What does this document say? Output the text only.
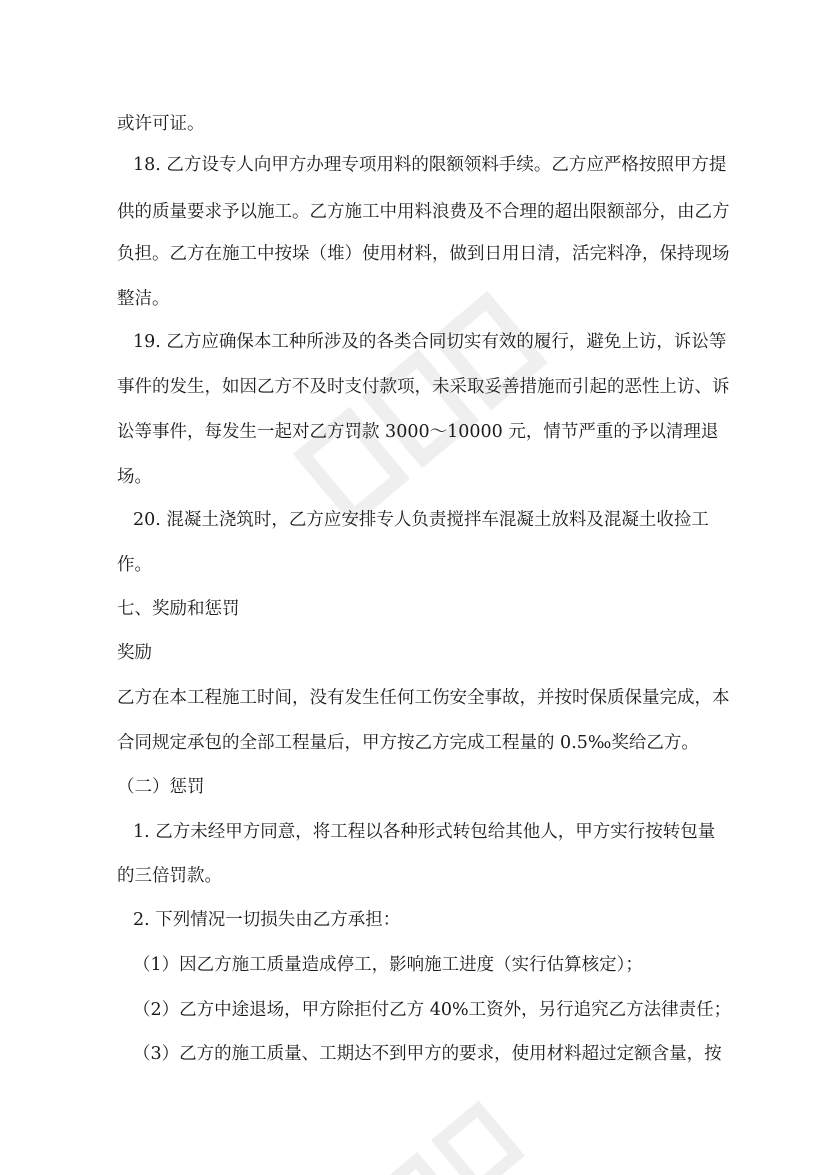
或许可证。
18. 乙方设专人向甲方办理专项用料的限额领料手续。乙方应严格按照甲方提
供的质量要求予以施工。乙方施工中用料浪费及不合理的超出限额部分，由乙方
负担。乙方在施工中按垛（堆）使用材料，做到日用日清，活完料净，保持现场
整洁。
19. 乙方应确保本工种所涉及的各类合同切实有效的履行，避免上访，诉讼等
事件的发生，如因乙方不及时支付款项，未采取妥善措施而引起的恶性上访、诉
讼等事件，每发生一起对乙方罚款 3000～10000 元，情节严重的予以清理退
场。
20. 混凝土浇筑时，乙方应安排专人负责搅拌车混凝土放料及混凝土收捡工
作。
七、奖励和惩罚
奖励
乙方在本工程施工时间，没有发生任何工伤安全事故，并按时保质保量完成，本
合同规定承包的全部工程量后，甲方按乙方完成工程量的 0.5‰奖给乙方。
（二）惩罚
1. 乙方未经甲方同意，将工程以各种形式转包给其他人，甲方实行按转包量
的三倍罚款。
2. 下列情况一切损失由乙方承担：
（1）因乙方施工质量造成停工，影响施工进度（实行估算核定）；
（2）乙方中途退场，甲方除拒付乙方 40%工资外，另行追究乙方法律责任；
（3）乙方的施工质量、工期达不到甲方的要求，使用材料超过定额含量，按
